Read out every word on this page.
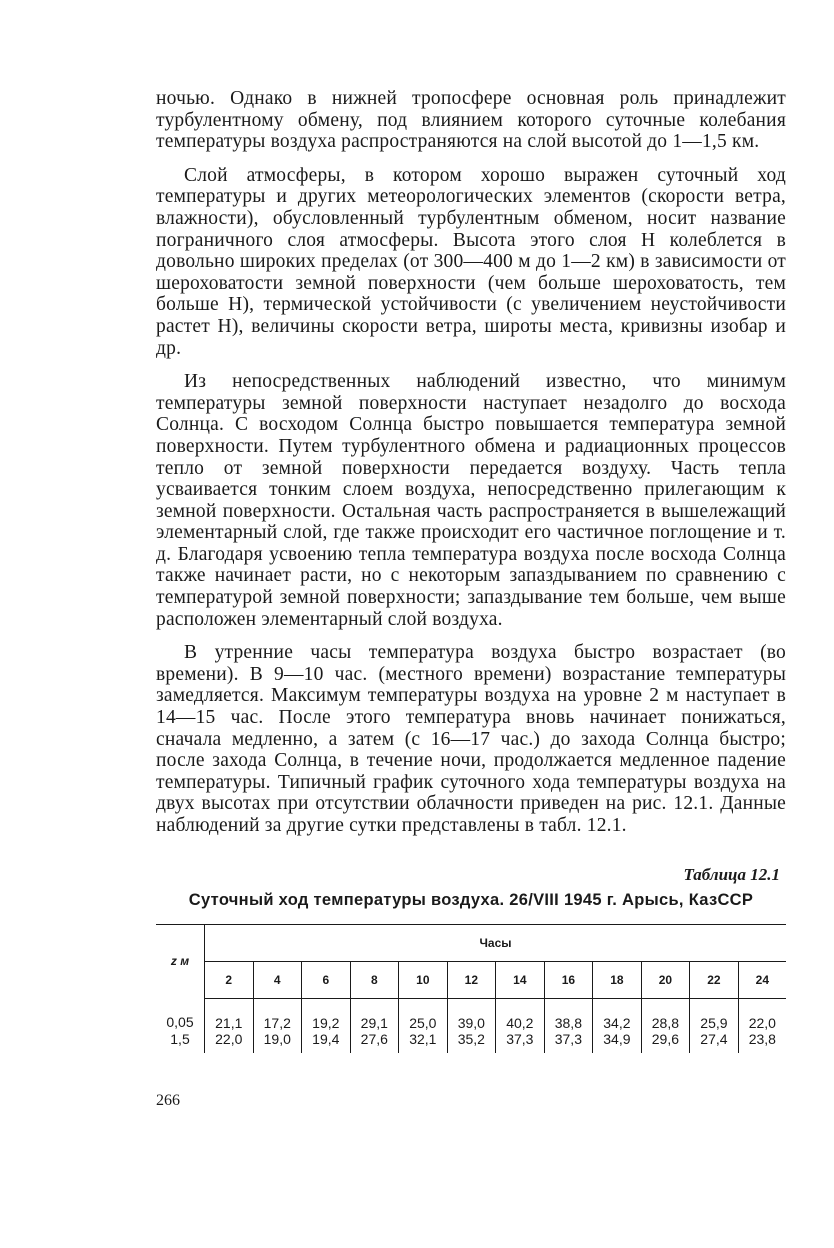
ночью. Однако в нижней тропосфере основная роль принадлежит турбулентному обмену, под влиянием которого суточные колебания температуры воздуха распространяются на слой высотой до 1—1,5 км.

Слой атмосферы, в котором хорошо выражен суточный ход температуры и других метеорологических элементов (скорости ветра, влажности), обусловленный турбулентным обменом, носит название пограничного слоя атмосферы. Высота этого слоя Н колеблется в довольно широких пределах (от 300—400 м до 1—2 км) в зависимости от шероховатости земной поверхности (чем больше шероховатость, тем больше Н), термической устойчивости (с увеличением неустойчивости растет Н), величины скорости ветра, широты места, кривизны изобар и др.

Из непосредственных наблюдений известно, что минимум температуры земной поверхности наступает незадолго до восхода Солнца. С восходом Солнца быстро повышается температура земной поверхности. Путем турбулентного обмена и радиационных процессов тепло от земной поверхности передается воздуху. Часть тепла усваивается тонким слоем воздуха, непосредственно прилегающим к земной поверхности. Остальная часть распространяется в вышележащий элементарный слой, где также происходит его частичное поглощение и т. д. Благодаря усвоению тепла температура воздуха после восхода Солнца также начинает расти, но с некоторым запаздыванием по сравнению с температурой земной поверхности; запаздывание тем больше, чем выше расположен элементарный слой воздуха.

В утренние часы температура воздуха быстро возрастает (во времени). В 9—10 час. (местного времени) возрастание температуры замедляется. Максимум температуры воздуха на уровне 2 м наступает в 14—15 час. После этого температура вновь начинает понижаться, сначала медленно, а затем (с 16—17 час.) до захода Солнца быстро; после захода Солнца, в течение ночи, продолжается медленное падение температуры. Типичный график суточного хода температуры воздуха на двух высотах при отсутствии облачности приведен на рис. 12.1. Данные наблюдений за другие сутки представлены в табл. 12.1.

Таблица 12.1
Суточный ход температуры воздуха. 26/VIII 1945 г. Арысь, КазССР
z м	Часы											
	2	4	6	8	10	12	14	16	18	20	22	24
0,05	21,1	17,2	19,2	29,1	25,0	39,0	40,2	38,8	34,2	28,8	25,9	22,0
1,5	22,0	19,0	19,4	27,6	32,1	35,2	37,3	37,3	34,9	29,6	27,4	23,8
266
